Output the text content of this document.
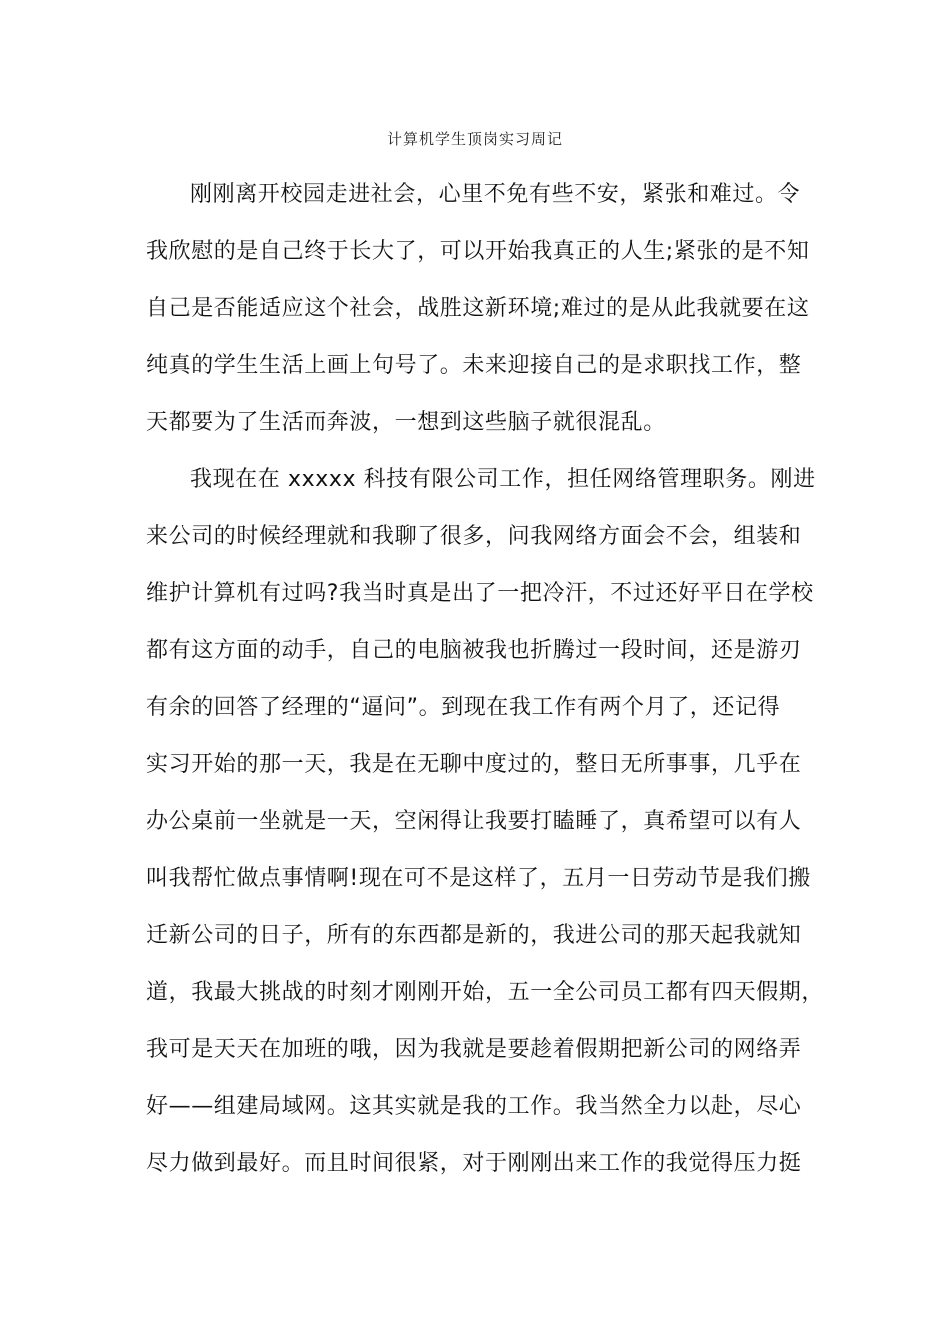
计算机学生顶岗实习周记
刚刚离开校园走进社会，心里不免有些不安，紧张和难过。令
我欣慰的是自己终于长大了，可以开始我真正的人生;紧张的是不知
自己是否能适应这个社会，战胜这新环境;难过的是从此我就要在这
纯真的学生生活上画上句号了。未来迎接自己的是求职找工作，整
天都要为了生活而奔波，一想到这些脑子就很混乱。
我现在在 xxxxx 科技有限公司工作，担任网络管理职务。刚进
来公司的时候经理就和我聊了很多，问我网络方面会不会，组装和
维护计算机有过吗?我当时真是出了一把冷汗，不过还好平日在学校
都有这方面的动手，自己的电脑被我也折腾过一段时间，还是游刃
有余的回答了经理的“逼问”。到现在我工作有两个月了，还记得
实习开始的那一天，我是在无聊中度过的，整日无所事事，几乎在
办公桌前一坐就是一天，空闲得让我要打瞌睡了，真希望可以有人
叫我帮忙做点事情啊!现在可不是这样了，五月一日劳动节是我们搬
迁新公司的日子，所有的东西都是新的，我进公司的那天起我就知
道，我最大挑战的时刻才刚刚开始，五一全公司员工都有四天假期，
我可是天天在加班的哦，因为我就是要趁着假期把新公司的网络弄
好——组建局域网。这其实就是我的工作。我当然全力以赴，尽心
尽力做到最好。而且时间很紧，对于刚刚出来工作的我觉得压力挺
